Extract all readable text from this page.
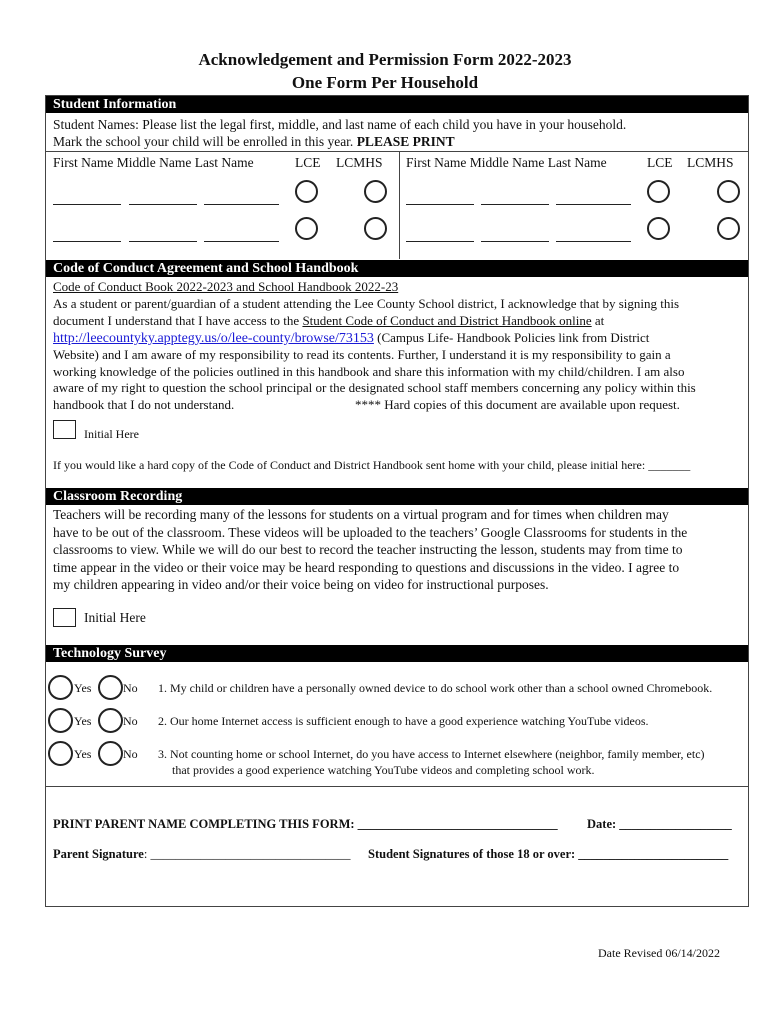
Acknowledgement and Permission Form 2022-2023
One Form Per Household
Student Information
Student Names: Please list the legal first, middle, and last name of each child you have in your household.
Mark the school your child will be enrolled in this year. PLEASE PRINT
First Name Middle Name Last Name	LCE LCMHS First Name Middle Name Last Name	LCE LCMHS
Code of Conduct Agreement and School Handbook
Code of Conduct Book 2022-2023 and School Handbook 2022-23
As a student or parent/guardian of a student attending the Lee County School district, I acknowledge that by signing this
document I understand that I have access to the Student Code of Conduct and District Handbook online at
http://leecountyky.apptegy.us/o/lee-county/browse/73153 (Campus Life- Handbook Policies link from District
Website) and I am aware of my responsibility to read its contents. Further, I understand it is my responsibility to gain a
working knowledge of the policies outlined in this handbook and share this information with my child/children. I am also
aware of my right to question the school principal or the designated school staff members concerning any policy within this
handbook that I do not understand.	**** Hard copies of this document are available upon request.
Initial Here
If you would like a hard copy of the Code of Conduct and District Handbook sent home with your child, please initial here: _______
Classroom Recording
Teachers will be recording many of the lessons for students on a virtual program and for times when children may
have to be out of the classroom. These videos will be uploaded to the teachers’ Google Classrooms for students in the
classrooms to view. While we will do our best to record the teacher instructing the lesson, students may from time to
time appear in the video or their voice may be heard responding to questions and discussions in the video. I agree to
my children appearing in video and/or their voice being on video for instructional purposes.
Initial Here
Technology Survey
Yes	No 1. My child or children have a personally owned device to do school work other than a school owned Chromebook.
Yes	No 2. Our home Internet access is sufficient enough to have a good experience watching YouTube videos.
Yes	No 3. Not counting home or school Internet, do you have access to Internet elsewhere (neighbor, family member, etc)
that provides a good experience watching YouTube videos and completing school work.
PRINT PARENT NAME COMPLETING THIS FORM: ________________________________ Date: __________________
Parent Signature: ________________________________ Student Signatures of those 18 or over: ________________________
Date Revised 06/14/2022
